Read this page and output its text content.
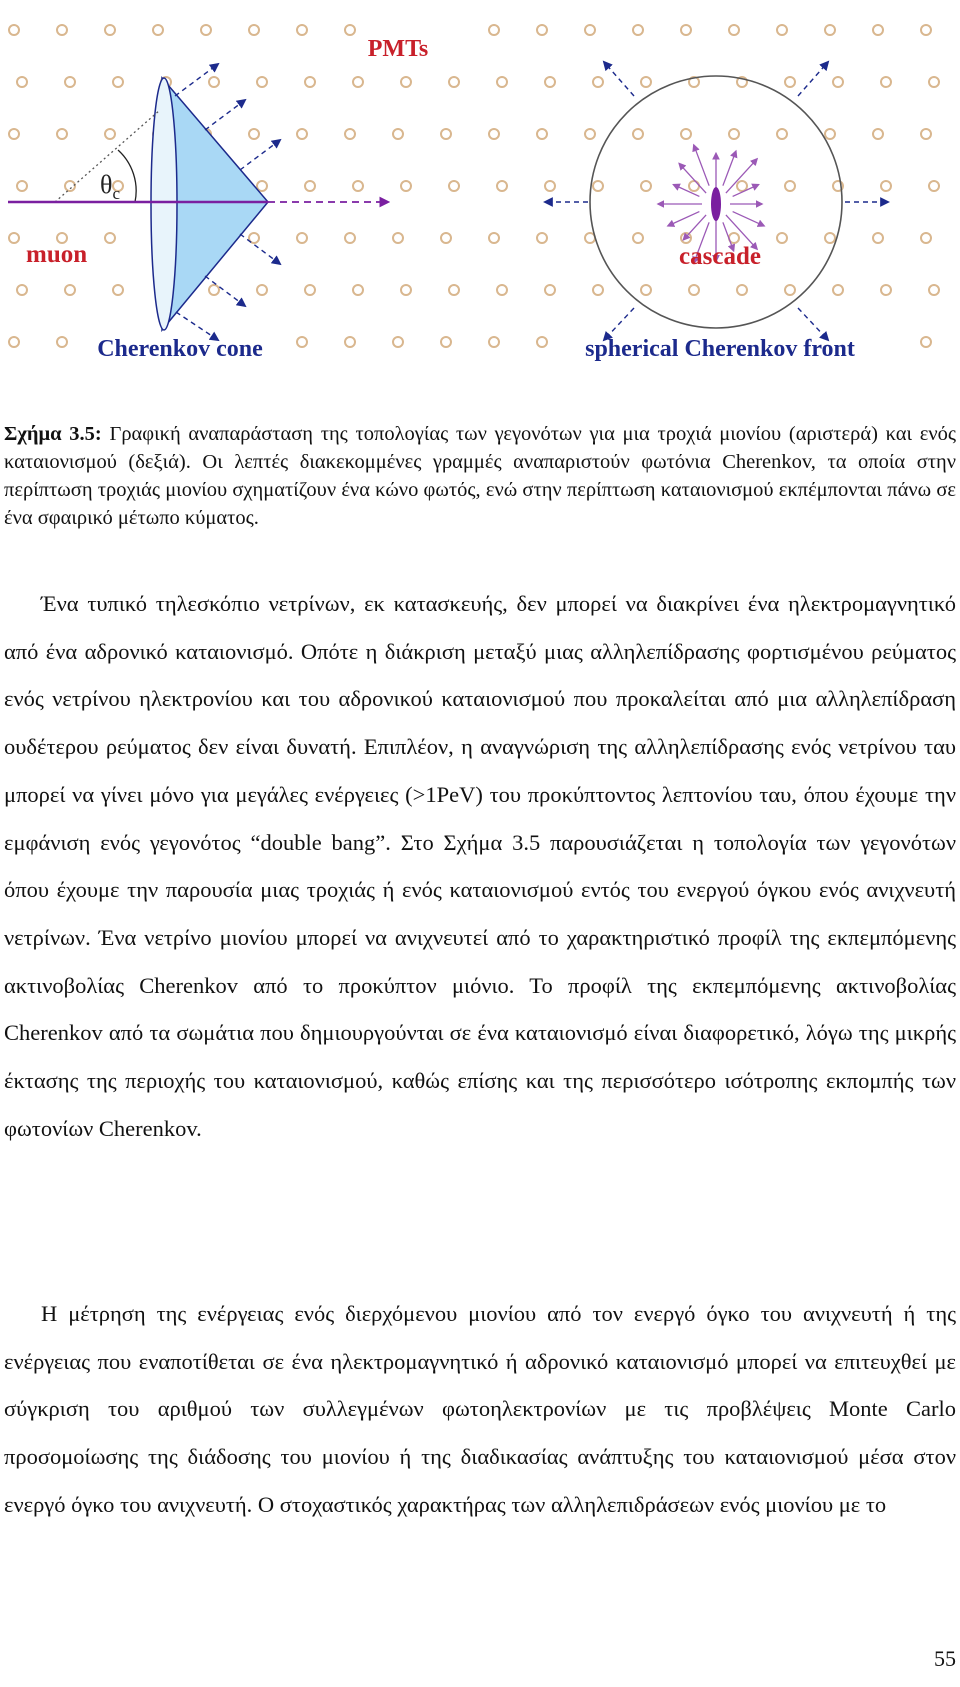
PMTs
$\theta_c$
muon
Cherenkov cone
cascade
spherical Cherenkov front

Σχήμα 3.5: Γραφική αναπαράσταση της τοπολογίας των γεγονότων για μια τροχιά μιονίου (αριστερά) και ενός καταιονισμού (δεξιά). Οι λεπτές διακεκομμένες γραμμές αναπαριστούν φωτόνια Cherenkov, τα οποία στην περίπτωση τροχιάς μιονίου σχηματίζουν ένα κώνο φωτός, ενώ στην περίπτωση καταιονισμού εκπέμπονται πάνω σε ένα σφαιρικό μέτωπο κύματος.

Ένα τυπικό τηλεσκόπιο νετρίνων, εκ κατασκευής, δεν μπορεί να διακρίνει ένα ηλεκτρομαγνητικό από ένα αδρονικό καταιονισμό. Οπότε η διάκριση μεταξύ μιας αλληλεπίδρασης φορτισμένου ρεύματος ενός νετρίνου ηλεκτρονίου και του αδρονικού καταιονισμού που προκαλείται από μια αλληλεπίδραση ουδέτερου ρεύματος δεν είναι δυνατή. Επιπλέον, η αναγνώριση της αλληλεπίδρασης ενός νετρίνου ταυ μπορεί να γίνει μόνο για μεγάλες ενέργειες (>1PeV) του προκύπτοντος λεπτονίου ταυ, όπου έχουμε την εμφάνιση ενός γεγονότος “double bang”. Στο Σχήμα 3.5 παρουσιάζεται η τοπολογία των γεγονότων όπου έχουμε την παρουσία μιας τροχιάς ή ενός καταιονισμού εντός του ενεργού όγκου ενός ανιχνευτή νετρίνων. Ένα νετρίνο μιονίου μπορεί να ανιχνευτεί από το χαρακτηριστικό προφίλ της εκπεμπόμενης ακτινοβολίας Cherenkov από το προκύπτον μιόνιο. Το προφίλ της εκπεμπόμενης ακτινοβολίας Cherenkov από τα σωμάτια που δημιουργούνται σε ένα καταιονισμό είναι διαφορετικό, λόγω της μικρής έκτασης της περιοχής του καταιονισμού, καθώς επίσης και της περισσότερο ισότροπης εκπομπής των φωτονίων Cherenkov.

Η μέτρηση της ενέργειας ενός διερχόμενου μιονίου από τον ενεργό όγκο του ανιχνευτή ή της ενέργειας που εναποτίθεται σε ένα ηλεκτρομαγνητικό ή αδρονικό καταιονισμό μπορεί να επιτευχθεί με σύγκριση του αριθμού των συλλεγμένων φωτοηλεκτρονίων με τις προβλέψεις Monte Carlo προσομοίωσης της διάδοσης του μιονίου ή της διαδικασίας ανάπτυξης του καταιονισμού μέσα στον ενεργό όγκο του ανιχνευτή. Ο στοχαστικός χαρακτήρας των αλληλεπιδράσεων ενός μιονίου με το

55
